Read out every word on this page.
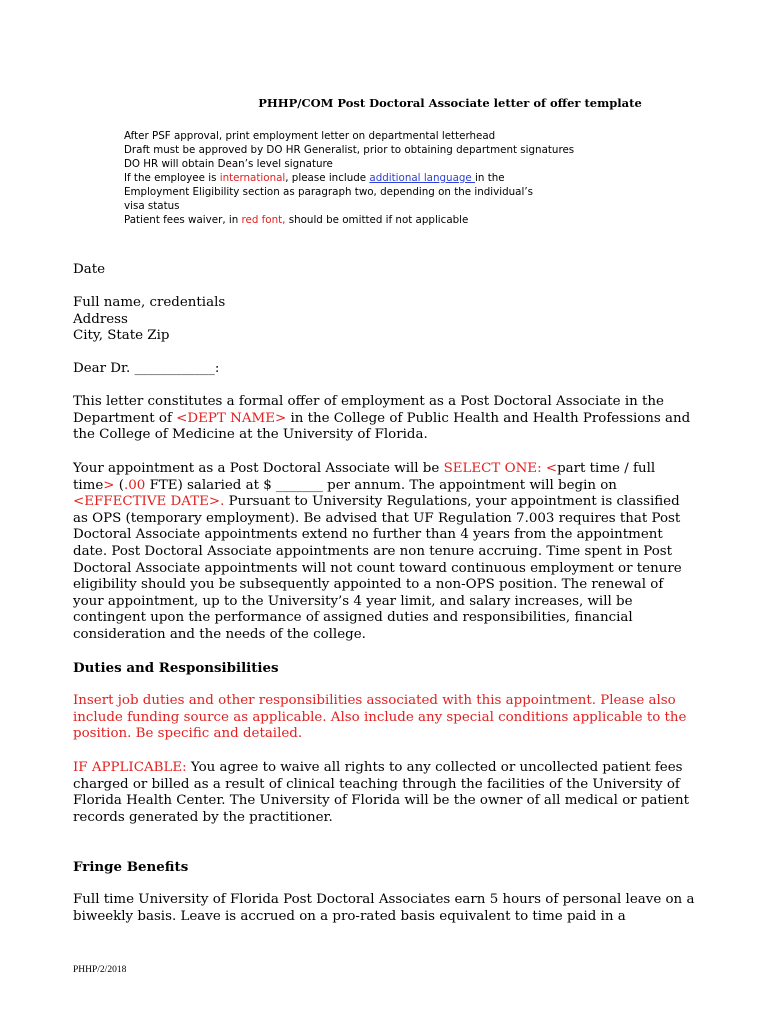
PHHP/COM Post Doctoral Associate letter of offer template
After PSF approval, print employment letter on departmental letterhead
Draft must be approved by DO HR Generalist, prior to obtaining department signatures
DO HR will obtain Dean’s level signature
If the employee is international, please include additional language in the
Employment Eligibility section as paragraph two, depending on the individual’s
visa status
Patient fees waiver, in red font, should be omitted if not applicable
Date
Full name, credentials
Address
City, State Zip
Dear Dr. ____________:

This letter constitutes a formal offer of employment as a Post Doctoral Associate in the Department of <DEPT NAME> in the College of Public Health and Health Professions and the College of Medicine at the University of Florida.

Your appointment as a Post Doctoral Associate will be SELECT ONE: <part time / full time> (.00 FTE) salaried at $ _______ per annum. The appointment will begin on <EFFECTIVE DATE>. Pursuant to University Regulations, your appointment is classified as OPS (temporary employment). Be advised that UF Regulation 7.003 requires that Post Doctoral Associate appointments extend no further than 4 years from the appointment date. Post Doctoral Associate appointments are non tenure accruing. Time spent in Post Doctoral Associate appointments will not count toward continuous employment or tenure eligibility should you be subsequently appointed to a non-OPS position. The renewal of your appointment, up to the University’s 4 year limit, and salary increases, will be contingent upon the performance of assigned duties and responsibilities, financial consideration and the needs of the college.

Duties and Responsibilities

Insert job duties and other responsibilities associated with this appointment. Please also include funding source as applicable. Also include any special conditions applicable to the position. Be specific and detailed.

IF APPLICABLE: You agree to waive all rights to any collected or uncollected patient fees charged or billed as a result of clinical teaching through the facilities of the University of Florida Health Center. The University of Florida will be the owner of all medical or patient records generated by the practitioner.

Fringe Benefits

Full time University of Florida Post Doctoral Associates earn 5 hours of personal leave on a biweekly basis. Leave is accrued on a pro-rated basis equivalent to time paid in a

PHHP/2/2018
